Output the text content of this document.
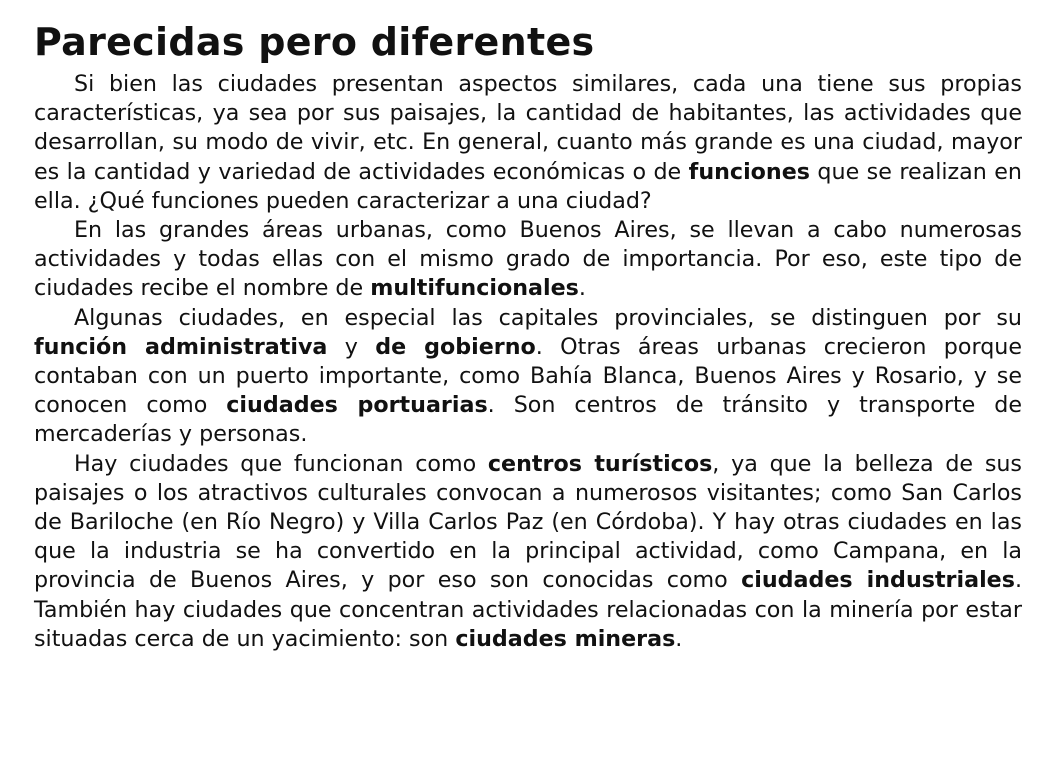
Parecidas pero diferentes

Si bien las ciudades presentan aspectos similares, cada una tiene sus propias características, ya sea por sus paisajes, la cantidad de habitantes, las actividades que desarrollan, su modo de vivir, etc. En general, cuanto más grande es una ciudad, mayor es la cantidad y variedad de actividades económicas o de funciones que se realizan en ella. ¿Qué funciones pueden caracterizar a una ciudad?

En las grandes áreas urbanas, como Buenos Aires, se llevan a cabo numerosas actividades y todas ellas con el mismo grado de importancia. Por eso, este tipo de ciudades recibe el nombre de multifuncionales.

Algunas ciudades, en especial las capitales provinciales, se distinguen por su función administrativa y de gobierno. Otras áreas urbanas crecieron porque contaban con un puerto importante, como Bahía Blanca, Buenos Aires y Rosario, y se conocen como ciudades portuarias. Son centros de tránsito y transporte de mercaderías y personas.

Hay ciudades que funcionan como centros turísticos, ya que la belleza de sus paisajes o los atractivos culturales convocan a numerosos visitantes; como San Carlos de Bariloche (en Río Negro) y Villa Carlos Paz (en Córdoba). Y hay otras ciudades en las que la industria se ha convertido en la principal actividad, como Campana, en la provincia de Buenos Aires, y por eso son conocidas como ciudades industriales. También hay ciudades que concentran actividades relacionadas con la minería por estar situadas cerca de un yacimiento: son ciudades mineras.
